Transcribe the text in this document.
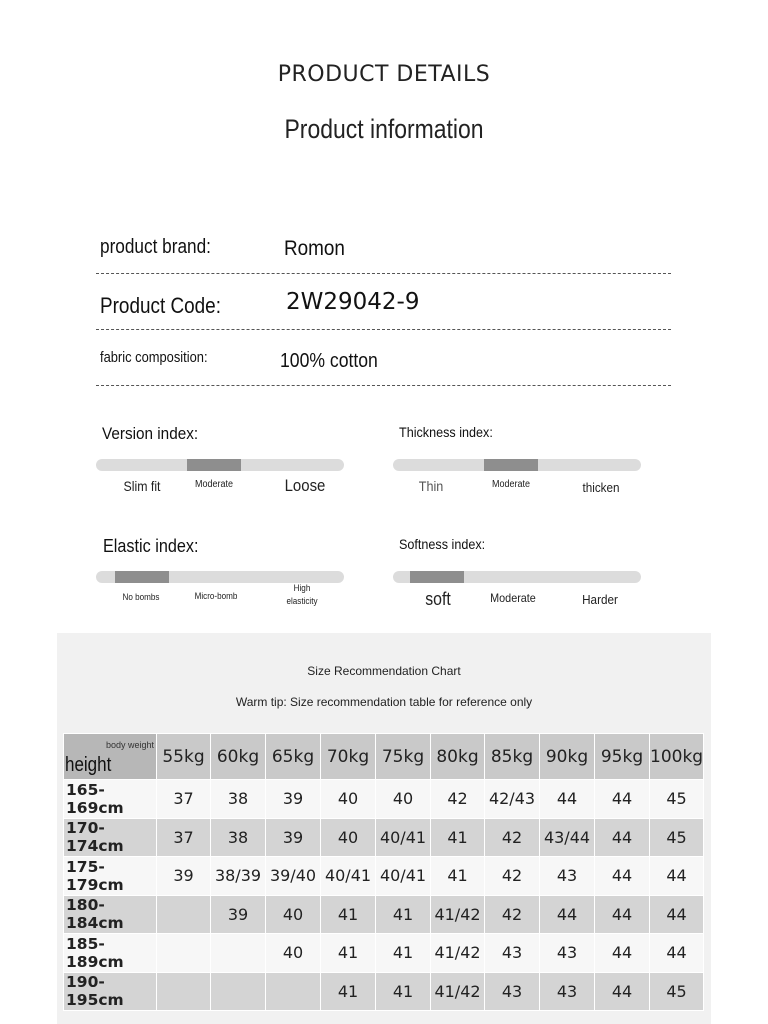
PRODUCT DETAILS
Product information
product brand:	Romon
Product Code:	2W29042-9
fabric composition:	100% cotton
Version index:
Slim fit	Moderate	Loose
Thickness index:
Thin	Moderate	thicken
Elastic index:
No bombs	Micro-bomb
High elasticity
Softness index:
soft	Moderate	Harder
Size Recommendation Chart
Warm tip: Size recommendation table for reference only
body weight
height	55kg	60kg	65kg	70kg	75kg	80kg	85kg	90kg	95kg	100kg
165-169cm	37	38	39	40	40	42	42/43	44	44	45
170-174cm	37	38	39	40	40/41	41	42	43/44	44	45
175-179cm	39	38/39	39/40	40/41	40/41	41	42	43	44	44
180-184cm		39	40	41	41	41/42	42	44	44	44
185-189cm			40	41	41	41/42	43	43	44	44
190-195cm				41	41	41/42	43	43	44	45
